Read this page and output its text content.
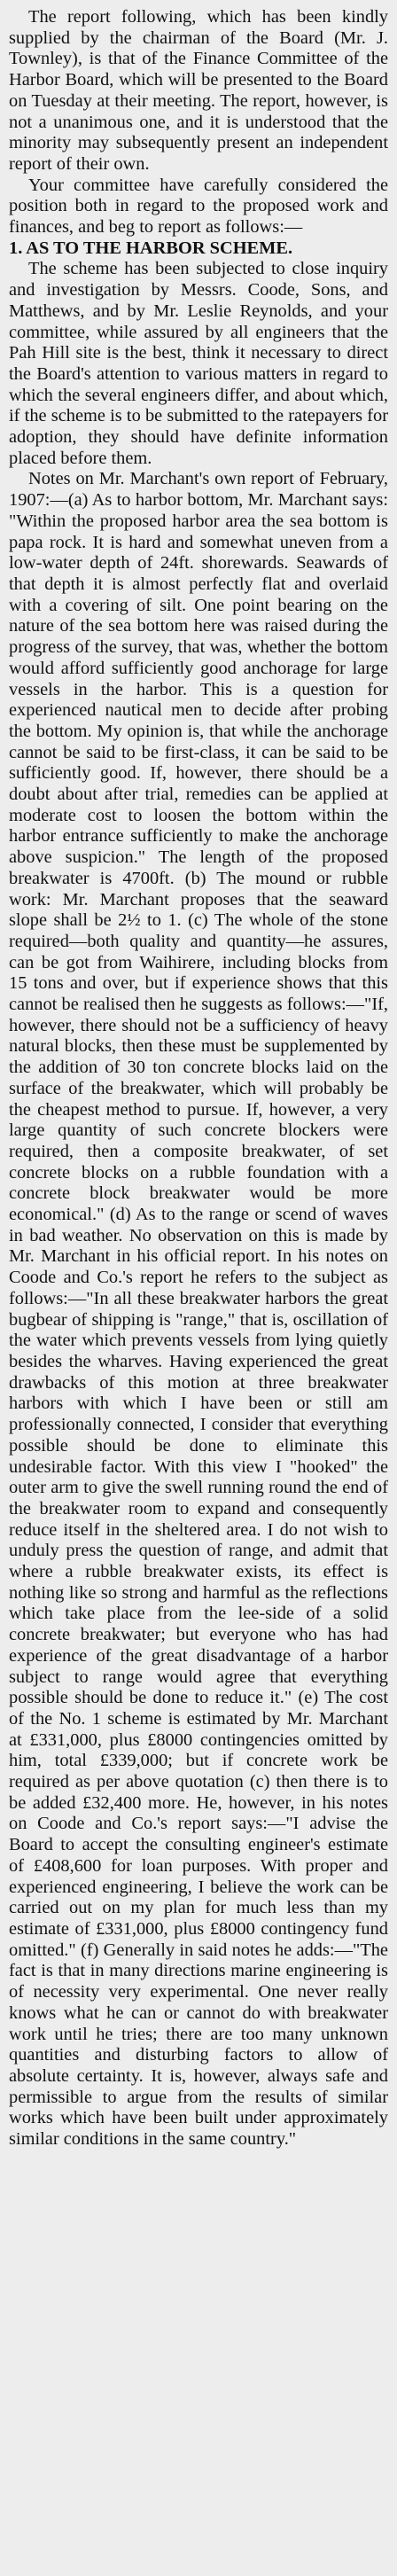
The report following, which has been kindly supplied by the chairman of the Board (Mr. J. Townley), is that of the Finance Committee of the Harbor Board, which will be presented to the Board on Tuesday at their meeting. The report, however, is not a unanimous one, and it is understood that the minority may subsequently present an independent report of their own.

Your committee have carefully considered the position both in regard to the proposed work and finances, and beg to report as follows:—

1. AS TO THE HARBOR SCHEME.

The scheme has been subjected to close inquiry and investigation by Messrs. Coode, Sons, and Matthews, and by Mr. Leslie Reynolds, and your committee, while assured by all engineers that the Pah Hill site is the best, think it necessary to direct the Board's attention to various matters in regard to which the several engineers differ, and about which, if the scheme is to be submitted to the ratepayers for adoption, they should have definite information placed before them.

Notes on Mr. Marchant's own report of February, 1907:—(a) As to harbor bottom, Mr. Marchant says: "Within the proposed harbor area the sea bottom is papa rock. It is hard and somewhat uneven from a low-water depth of 24ft. shorewards. Seawards of that depth it is almost perfectly flat and overlaid with a covering of silt. One point bearing on the nature of the sea bottom here was raised during the progress of the survey, that was, whether the bottom would afford sufficiently good anchorage for large vessels in the harbor. This is a question for experienced nautical men to decide after probing the bottom. My opinion is, that while the anchorage cannot be said to be first-class, it can be said to be sufficiently good. If, however, there should be a doubt about after trial, remedies can be applied at moderate cost to loosen the bottom within the harbor entrance sufficiently to make the anchorage above suspicion." The length of the proposed breakwater is 4700ft. (b) The mound or rubble work: Mr. Marchant proposes that the seaward slope shall be 2½ to 1. (c) The whole of the stone required—both quality and quantity—he assures, can be got from Waihirere, including blocks from 15 tons and over, but if experience shows that this cannot be realised then he suggests as follows:—"If, however, there should not be a sufficiency of heavy natural blocks, then these must be supplemented by the addition of 30 ton concrete blocks laid on the surface of the breakwater, which will probably be the cheapest method to pursue. If, however, a very large quantity of such concrete blockers were required, then a composite breakwater, of set concrete blocks on a rubble foundation with a concrete block breakwater would be more economical." (d) As to the range or scend of waves in bad weather. No observation on this is made by Mr. Marchant in his official report. In his notes on Coode and Co.'s report he refers to the subject as follows:—"In all these breakwater harbors the great bugbear of shipping is "range," that is, oscillation of the water which prevents vessels from lying quietly besides the wharves. Having experienced the great drawbacks of this motion at three breakwater harbors with which I have been or still am professionally connected, I consider that everything possible should be done to eliminate this undesirable factor. With this view I "hooked" the outer arm to give the swell running round the end of the breakwater room to expand and consequently reduce itself in the sheltered area. I do not wish to unduly press the question of range, and admit that where a rubble breakwater exists, its effect is nothing like so strong and harmful as the reflections which take place from the lee-side of a solid concrete breakwater; but everyone who has had experience of the great disadvantage of a harbor subject to range would agree that everything possible should be done to reduce it." (e) The cost of the No. 1 scheme is estimated by Mr. Marchant at £331,000, plus £8000 contingencies omitted by him, total £339,000; but if concrete work be required as per above quotation (c) then there is to be added £32,400 more. He, however, in his notes on Coode and Co.'s report says:—"I advise the Board to accept the consulting engineer's estimate of £408,600 for loan purposes. With proper and experienced engineering, I believe the work can be carried out on my plan for much less than my estimate of £331,000, plus £8000 contingency fund omitted." (f) Generally in said notes he adds:—"The fact is that in many directions marine engineering is of necessity very experimental. One never really knows what he can or cannot do with breakwater work until he tries; there are too many unknown quantities and disturbing factors to allow of absolute certainty. It is, however, always safe and permissible to argue from the results of similar works which have been built under approximately similar conditions in the same country."
